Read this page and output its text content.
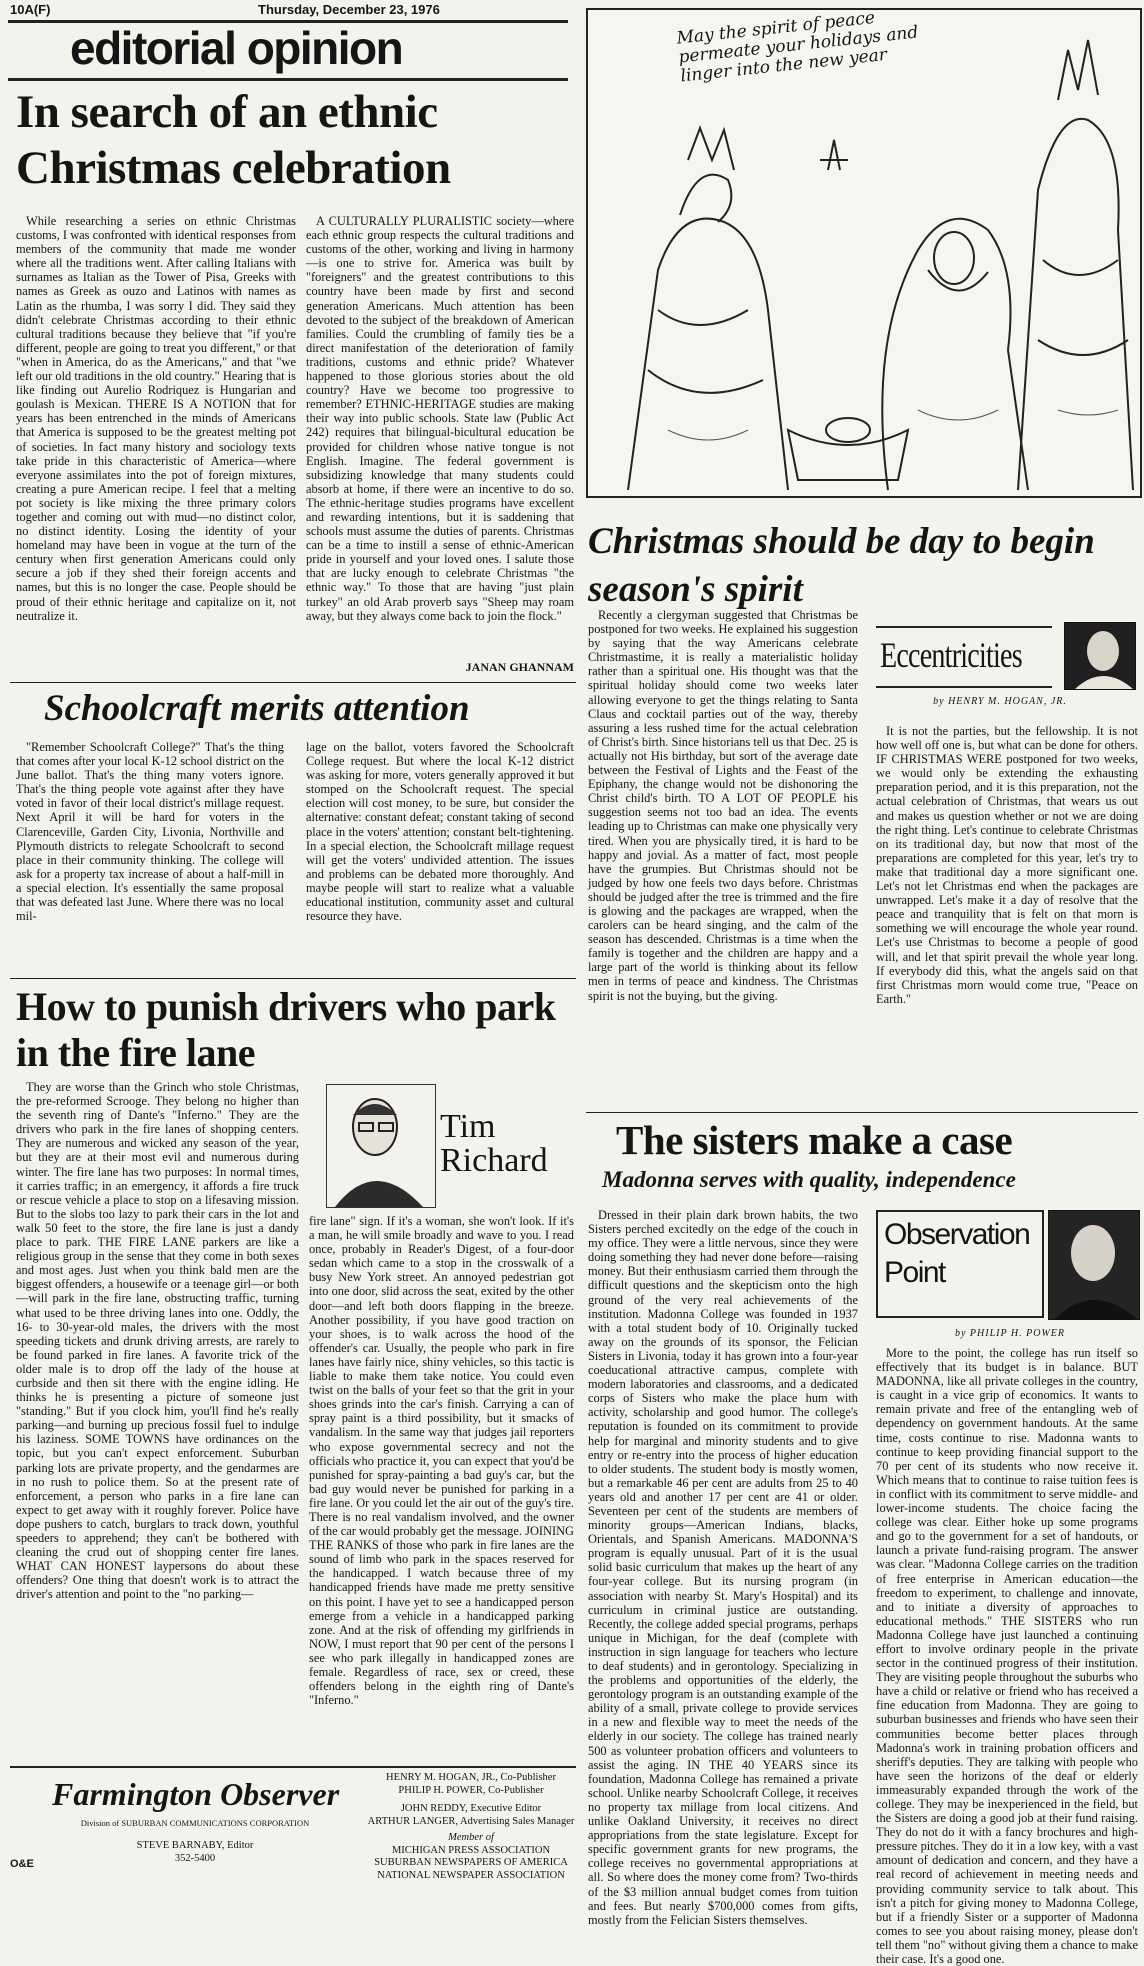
10A(F)	Thursday, December 23, 1976
editorial opinion
In search of an ethnic Christmas celebration
While researching a series on ethnic Christmas customs, I was confronted with identical responses from members of the community that made me wonder where all the traditions went. After calling Italians with surnames as Italian as the Tower of Pisa, Greeks with names as Greek as ouzo and Latinos with names as Latin as the rhumba, I was sorry I did. They said they didn't celebrate Christmas according to their ethnic cultural traditions because they believe that "if you're different, people are going to treat you different," or that "when in America, do as the Americans," and that "we left our old traditions in the old country." Hearing that is like finding out Aurelio Rodriquez is Hungarian and goulash is Mexican. THERE IS A NOTION that for years has been entrenched in the minds of Americans that America is supposed to be the greatest melting pot of societies. In fact many history and sociology texts take pride in this characteristic of America—where everyone assimilates into the pot of foreign mixtures, creating a pure American recipe. I feel that a melting pot society is like mixing the three primary colors together and coming out with mud—no distinct color, no distinct identity. Losing the identity of your homeland may have been in vogue at the turn of the century when first generation Americans could only secure a job if they shed their foreign accents and names, but this is no longer the case. People should be proud of their ethnic heritage and capitalize on it, not neutralize it.
A CULTURALLY PLURALISTIC society—where each ethnic group respects the cultural traditions and customs of the other, working and living in harmony—is one to strive for. America was built by "foreigners" and the greatest contributions to this country have been made by first and second generation Americans. Much attention has been devoted to the subject of the breakdown of American families. Could the crumbling of family ties be a direct manifestation of the deterioration of family traditions, customs and ethnic pride? Whatever happened to those glorious stories about the old country? Have we become too progressive to remember? ETHNIC-HERITAGE studies are making their way into public schools. State law (Public Act 242) requires that bilingual-bicultural education be provided for children whose native tongue is not English. Imagine. The federal government is subsidizing knowledge that many students could absorb at home, if there were an incentive to do so. The ethnic-heritage studies programs have excellent and rewarding intentions, but it is saddening that schools must assume the duties of parents. Christmas can be a time to instill a sense of ethnic-American pride in yourself and your loved ones. I salute those that are lucky enough to celebrate Christmas "the ethnic way." To those that are having "just plain turkey" an old Arab proverb says "Sheep may roam away, but they always come back to join the flock."
JANAN GHANNAM
Schoolcraft merits attention
"Remember Schoolcraft College?" That's the thing that comes after your local K-12 school district on the June ballot. That's the thing many voters ignore. That's the thing people vote against after they have voted in favor of their local district's millage request. Next April it will be hard for voters in the Clarenceville, Garden City, Livonia, Northville and Plymouth districts to relegate Schoolcraft to second place in their community thinking. The college will ask for a property tax increase of about a half-mill in a special election. It's essentially the same proposal that was defeated last June. Where there was no local mil-
lage on the ballot, voters favored the Schoolcraft College request. But where the local K-12 district was asking for more, voters generally approved it but stomped on the Schoolcraft request. The special election will cost money, to be sure, but consider the alternative: constant defeat; constant taking of second place in the voters' attention; constant belt-tightening. In a special election, the Schoolcraft millage request will get the voters' undivided attention. The issues and problems can be debated more thoroughly. And maybe people will start to realize what a valuable educational institution, community asset and cultural resource they have.
How to punish drivers who park in the fire lane
They are worse than the Grinch who stole Christmas, the pre-reformed Scrooge. They belong no higher than the seventh ring of Dante's "Inferno." They are the drivers who park in the fire lanes of shopping centers. They are numerous and wicked any season of the year, but they are at their most evil and numerous during winter. The fire lane has two purposes: In normal times, it carries traffic; in an emergency, it affords a fire truck or rescue vehicle a place to stop on a lifesaving mission. But to the slobs too lazy to park their cars in the lot and walk 50 feet to the store, the fire lane is just a dandy place to park. THE FIRE LANE parkers are like a religious group in the sense that they come in both sexes and most ages. Just when you think bald men are the biggest offenders, a housewife or a teenage girl—or both—will park in the fire lane, obstructing traffic, turning what used to be three driving lanes into one. Oddly, the 16- to 30-year-old males, the drivers with the most speeding tickets and drunk driving arrests, are rarely to be found parked in fire lanes. A favorite trick of the older male is to drop off the lady of the house at curbside and then sit there with the engine idling. He thinks he is presenting a picture of someone just "standing." But if you clock him, you'll find he's really parking—and burning up precious fossil fuel to indulge his laziness. SOME TOWNS have ordinances on the topic, but you can't expect enforcement. Suburban parking lots are private property, and the gendarmes are in no rush to police them. So at the present rate of enforcement, a person who parks in a fire lane can expect to get away with it roughly forever. Police have dope pushers to catch, burglars to track down, youthful speeders to apprehend; they can't be bothered with cleaning the crud out of shopping center fire lanes. WHAT CAN HONEST laypersons do about these offenders? One thing that doesn't work is to attract the driver's attention and point to the "no parking—
Tim Richard
fire lane" sign. If it's a woman, she won't look. If it's a man, he will smile broadly and wave to you. I read once, probably in Reader's Digest, of a four-door sedan which came to a stop in the crosswalk of a busy New York street. An annoyed pedestrian got into one door, slid across the seat, exited by the other door—and left both doors flapping in the breeze. Another possibility, if you have good traction on your shoes, is to walk across the hood of the offender's car. Usually, the people who park in fire lanes have fairly nice, shiny vehicles, so this tactic is liable to make them take notice. You could even twist on the balls of your feet so that the grit in your shoes grinds into the car's finish. Carrying a can of spray paint is a third possibility, but it smacks of vandalism. In the same way that judges jail reporters who expose governmental secrecy and not the officials who practice it, you can expect that you'd be punished for spray-painting a bad guy's car, but the bad guy would never be punished for parking in a fire lane. Or you could let the air out of the guy's tire. There is no real vandalism involved, and the owner of the car would probably get the message. JOINING THE RANKS of those who park in fire lanes are the sound of limb who park in the spaces reserved for the handicapped. I watch because three of my handicapped friends have made me pretty sensitive on this point. I have yet to see a handicapped person emerge from a vehicle in a handicapped parking zone. And at the risk of offending my girlfriends in NOW, I must report that 90 per cent of the persons I see who park illegally in handicapped zones are female. Regardless of race, sex or creed, these offenders belong in the eighth ring of Dante's "Inferno."
Farmington Observer
Division of SUBURBAN COMMUNICATIONS CORPORATION
STEVE BARNABY, Editor
352-5400
HENRY M. HOGAN, JR., Co-Publisher
PHILIP H. POWER, Co-Publisher
JOHN REDDY, Executive Editor
ARTHUR LANGER, Advertising Sales Manager
Member of
MICHIGAN PRESS ASSOCIATION
SUBURBAN NEWSPAPERS OF AMERICA
NATIONAL NEWSPAPER ASSOCIATION
O&E
May the spirit of peace permeate your holidays and linger into the new year
Christmas should be day to begin season's spirit
Recently a clergyman suggested that Christmas be postponed for two weeks. He explained his suggestion by saying that the way Americans celebrate Christmastime, it is really a materialistic holiday rather than a spiritual one. His thought was that the spiritual holiday should come two weeks later allowing everyone to get the things relating to Santa Claus and cocktail parties out of the way, thereby assuring a less rushed time for the actual celebration of Christ's birth. Since historians tell us that Dec. 25 is actually not His birthday, but sort of the average date between the Festival of Lights and the Feast of the Epiphany, the change would not be dishonoring the Christ child's birth. TO A LOT OF PEOPLE his suggestion seems not too bad an idea. The events leading up to Christmas can make one physically very tired. When you are physically tired, it is hard to be happy and jovial. As a matter of fact, most people have the grumpies. But Christmas should not be judged by how one feels two days before. Christmas should be judged after the tree is trimmed and the fire is glowing and the packages are wrapped, when the carolers can be heard singing, and the calm of the season has descended. Christmas is a time when the family is together and the children are happy and a large part of the world is thinking about its fellow men in terms of peace and kindness. The Christmas spirit is not the buying, but the giving.
Eccentricities
by HENRY M. HOGAN, JR.
It is not the parties, but the fellowship. It is not how well off one is, but what can be done for others. IF CHRISTMAS WERE postponed for two weeks, we would only be extending the exhausting preparation period, and it is this preparation, not the actual celebration of Christmas, that wears us out and makes us question whether or not we are doing the right thing. Let's continue to celebrate Christmas on its traditional day, but now that most of the preparations are completed for this year, let's try to make that traditional day a more significant one. Let's not let Christmas end when the packages are unwrapped. Let's make it a day of resolve that the peace and tranquility that is felt on that morn is something we will encourage the whole year round. Let's use Christmas to become a people of good will, and let that spirit prevail the whole year long. If everybody did this, what the angels said on that first Christmas morn would come true, "Peace on Earth."
The sisters make a case
Madonna serves with quality, independence
Dressed in their plain dark brown habits, the two Sisters perched excitedly on the edge of the couch in my office. They were a little nervous, since they were doing something they had never done before—raising money. But their enthusiasm carried them through the difficult questions and the skepticism onto the high ground of the very real achievements of the institution. Madonna College was founded in 1937 with a total student body of 10. Originally tucked away on the grounds of its sponsor, the Felician Sisters in Livonia, today it has grown into a four-year coeducational attractive campus, complete with modern laboratories and classrooms, and a dedicated corps of Sisters who make the place hum with activity, scholarship and good humor. The college's reputation is founded on its commitment to provide help for marginal and minority students and to give entry or re-entry into the process of higher education to older students. The student body is mostly women, but a remarkable 46 per cent are adults from 25 to 40 years old and another 17 per cent are 41 or older. Seventeen per cent of the students are members of minority groups—American Indians, blacks, Orientals, and Spanish Americans. MADONNA'S program is equally unusual. Part of it is the usual solid basic curriculum that makes up the heart of any four-year college. But its nursing program (in association with nearby St. Mary's Hospital) and its curriculum in criminal justice are outstanding. Recently, the college added special programs, perhaps unique in Michigan, for the deaf (complete with instruction in sign language for teachers who lecture to deaf students) and in gerontology. Specializing in the problems and opportunities of the elderly, the gerontology program is an outstanding example of the ability of a small, private college to provide services in a new and flexible way to meet the needs of the elderly in our society. The college has trained nearly 500 as volunteer probation officers and volunteers to assist the aging. IN THE 40 YEARS since its foundation, Madonna College has remained a private school. Unlike nearby Schoolcraft College, it receives no property tax millage from local citizens. And unlike Oakland University, it receives no direct appropriations from the state legislature. Except for specific government grants for new programs, the college receives no governmental appropriations at all. So where does the money come from? Two-thirds of the $3 million annual budget comes from tuition and fees. But nearly $700,000 comes from gifts, mostly from the Felician Sisters themselves.
Observation Point
by PHILIP H. POWER
More to the point, the college has run itself so effectively that its budget is in balance. BUT MADONNA, like all private colleges in the country, is caught in a vice grip of economics. It wants to remain private and free of the entangling web of dependency on government handouts. At the same time, costs continue to rise. Madonna wants to continue to keep providing financial support to the 70 per cent of its students who now receive it. Which means that to continue to raise tuition fees is in conflict with its commitment to serve middle- and lower-income students. The choice facing the college was clear. Either hoke up some programs and go to the government for a set of handouts, or launch a private fund-raising program. The answer was clear. "Madonna College carries on the tradition of free enterprise in American education—the freedom to experiment, to challenge and innovate, and to initiate a diversity of approaches to educational methods." THE SISTERS who run Madonna College have just launched a continuing effort to involve ordinary people in the private sector in the continued progress of their institution. They are visiting people throughout the suburbs who have a child or relative or friend who has received a fine education from Madonna. They are going to suburban businesses and friends who have seen their communities become better places through Madonna's work in training probation officers and sheriff's deputies. They are talking with people who have seen the horizons of the deaf or elderly immeasurably expanded through the work of the college. They may be inexperienced in the field, but the Sisters are doing a good job at their fund raising. They do not do it with a fancy brochures and high-pressure pitches. They do it in a low key, with a vast amount of dedication and concern, and they have a real record of achievement in meeting needs and providing community service to talk about. This isn't a pitch for giving money to Madonna College, but if a friendly Sister or a supporter of Madonna comes to see you about raising money, please don't tell them "no" without giving them a chance to make their case. It's a good one.
